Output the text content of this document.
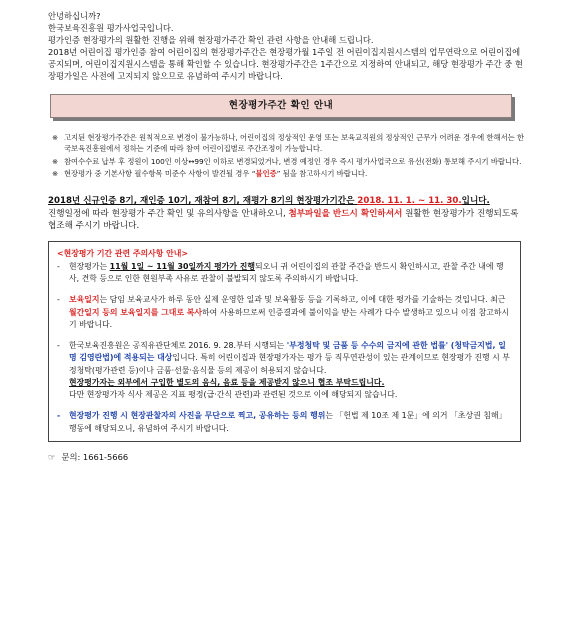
안녕하십니까?

한국보육진흥원 평가사업국입니다.

평가인증 현장평가의 원활한 진행을 위해 현장평가주간 확인 관련 사항을 안내해 드립니다.

2018년 어린이집 평가인증 참여 어린이집의 현장평가주간은 현장평가월 1주일 전 어린이집지원시스템의 업무연락으로 어린이집에 공지되며, 어린이집지원시스템을 통해 확인할 수 있습니다. 현장평가주간은 1주간으로 지정하여 안내되고, 해당 현장평가 주간 중 현장평가일은 사전에 고지되지 않으므로 유념하여 주시기 바랍니다.

현장평가주간 확인 안내
※ 고지된 현장평가주간은 원칙적으로 변경이 불가능하나, 어린이집의 정상적인 운영 또는 보육교직원의 정상적인 근무가 어려운 경우에 한해서는 한국보육진흥원에서 정하는 기준에 따라 참여 어린이집별로 주간조정이 가능합니다.
※ 참여수수료 납부 후 정원이 100인 이상↔99인 이하로 변경되었거나, 변경 예정인 경우 즉시 평가사업국으로 유선(전화) 통보해 주시기 바랍니다.
※ 현장평가 중 기본사항 필수항목 미준수 사항이 발견될 경우 “불인증” 됨을 참고하시기 바랍니다.
2018년 신규인증 8기, 재인증 10기, 재참여 8기, 재평가 8기의 현장평가기간은 2018. 11. 1. ~ 11. 30.입니다.
진행일정에 따라 현장평가 주간 확인 및 유의사항을 안내하오니, 첨부파일을 반드시 확인하셔서 원활한 현장평가가 진행되도록 협조해 주시기 바랍니다.
<현장평가 기간 관련 주의사항 안내>
-	현장평가는 11월 1일 ~ 11월 30일까지 평가가 진행되오니 귀 어린이집의 관찰 주간을 반드시 확인하시고, 관찰 주간 내에 행사, 견학 등으로 인한 현원부족 사유로 관찰이 불발되지 않도록 주의하시기 바랍니다.
-	보육일지는 담임 보육교사가 하루 동안 실제 운영한 일과 및 보육활동 등을 기록하고, 이에 대한 평가를 기술하는 것입니다. 최근 월간일지 등의 보육일지를 그대로 복사하여 사용하므로써 인증결과에 불이익을 받는 사례가 다수 발생하고 있으니 이점 참고하시기 바랍니다.
-	한국보육진흥원은 공직유관단체로 2016. 9. 28.부터 시행되는 '부정청탁 및 금품 등 수수의 금지에 관한 법률' (청탁금지법, 일명 김영란법)에 적용되는 대상입니다. 특히 어린이집과 현장평가자는 평가 등 직무연관성이 있는 관계이므로 현장평가 진행 시 부정청탁(평가관련 등)이나 금품·선물·음식물 등의 제공이 허용되지 않습니다.
현장평가자는 외부에서 구입한 별도의 음식, 음료 등을 제공받지 않으니 협조 부탁드립니다.
다만 현장평가자 식사 제공은 지표 평정(급·간식 관련)과 관련된 것으로 이에 해당되지 않습니다.
-	현장평가 진행 시 현장관찰자의 사진을 무단으로 찍고, 공유하는 등의 행위는 「헌법 제 10조 제 1문」에 의거 「초상권 침해」 행동에 해당되오니, 유념하여 주시기 바랍니다.
☞ 문의: 1661-5666
